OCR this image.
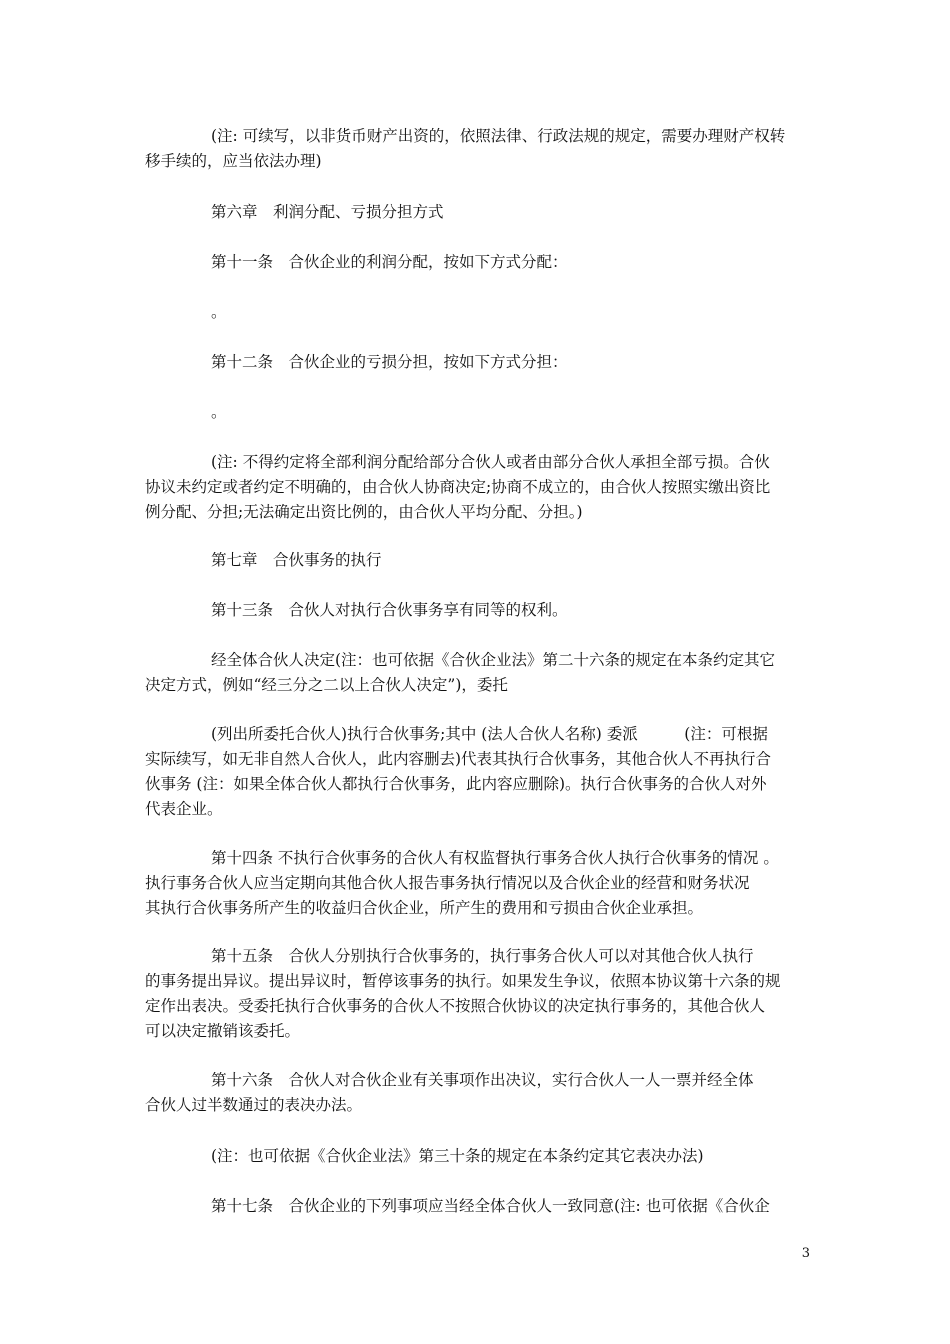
(注: 可续写，以非货币财产出资的，依照法律、行政法规的规定，需要办理财产权转
移手续的，应当依法办理)

第六章　利润分配、亏损分担方式

第十一条　合伙企业的利润分配，按如下方式分配：

。

第十二条　合伙企业的亏损分担，按如下方式分担：

。

(注: 不得约定将全部利润分配给部分合伙人或者由部分合伙人承担全部亏损。合伙
协议未约定或者约定不明确的，由合伙人协商决定;协商不成立的，由合伙人按照实缴出资比
例分配、分担;无法确定出资比例的，由合伙人平均分配、分担。)

第七章　合伙事务的执行

第十三条　合伙人对执行合伙事务享有同等的权利。

经全体合伙人决定(注：也可依据《合伙企业法》第二十六条的规定在本条约定其它
决定方式，例如“经三分之二以上合伙人决定”)，委托

(列出所委托合伙人)执行合伙事务;其中 (法人合伙人名称) 委派　　　(注：可根据
实际续写，如无非自然人合伙人，此内容删去)代表其执行合伙事务，其他合伙人不再执行合
伙事务 (注：如果全体合伙人都执行合伙事务，此内容应删除)。执行合伙事务的合伙人对外
代表企业。

第十四条 不执行合伙事务的合伙人有权监督执行事务合伙人执行合伙事务的情况 。
执行事务合伙人应当定期向其他合伙人报告事务执行情况以及合伙企业的经营和财务状况
其执行合伙事务所产生的收益归合伙企业，所产生的费用和亏损由合伙企业承担。

第十五条　合伙人分别执行合伙事务的，执行事务合伙人可以对其他合伙人执行
的事务提出异议。提出异议时，暂停该事务的执行。如果发生争议，依照本协议第十六条的规
定作出表决。受委托执行合伙事务的合伙人不按照合伙协议的决定执行事务的，其他合伙人
可以决定撤销该委托。

第十六条　合伙人对合伙企业有关事项作出决议，实行合伙人一人一票并经全体
合伙人过半数通过的表决办法。

(注：也可依据《合伙企业法》第三十条的规定在本条约定其它表决办法)

第十七条　合伙企业的下列事项应当经全体合伙人一致同意(注: 也可依据《合伙企

3
